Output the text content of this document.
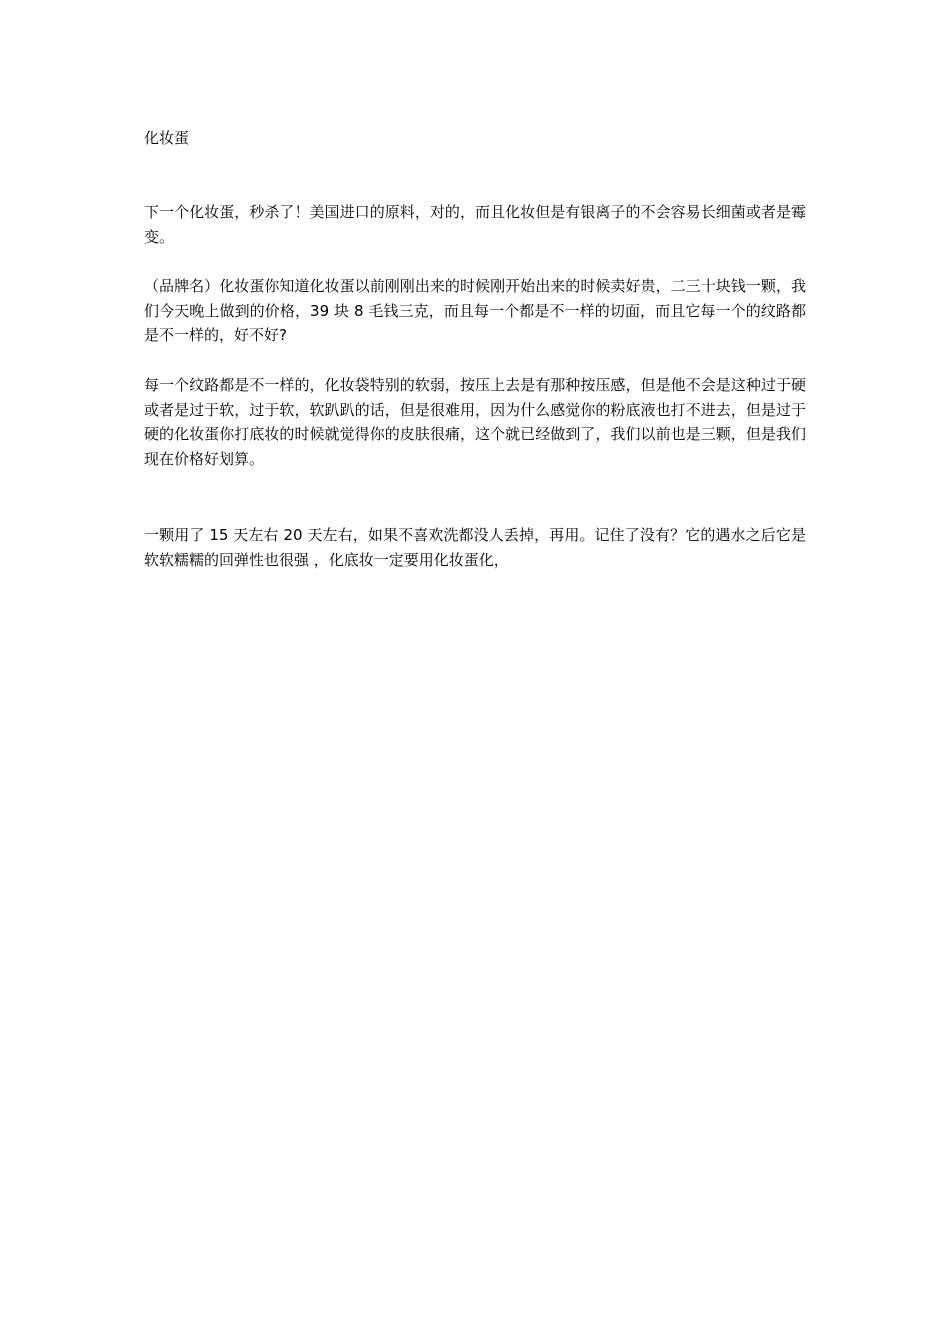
化妆蛋

下一个化妆蛋，秒杀了！美国进口的原料，对的，而且化妆但是有银离子的不会容易长细菌或者是霉变。

（品牌名）化妆蛋你知道化妆蛋以前刚刚出来的时候刚开始出来的时候卖好贵，二三十块钱一颗，我们今天晚上做到的价格，39 块 8 毛钱三克，而且每一个都是不一样的切面，而且它每一个的纹路都是不一样的，好不好?

每一个纹路都是不一样的，化妆袋特别的软弱，按压上去是有那种按压感，但是他不会是这种过于硬或者是过于软，过于软，软趴趴的话，但是很难用，因为什么感觉你的粉底液也打不进去，但是过于硬的化妆蛋你打底妆的时候就觉得你的皮肤很痛，这个就已经做到了，我们以前也是三颗，但是我们现在价格好划算。

一颗用了 15 天左右 20 天左右，如果不喜欢洗都没人丢掉，再用。记住了没有？它的遇水之后它是软软糯糯的回弹性也很强 ，化底妆一定要用化妆蛋化，
